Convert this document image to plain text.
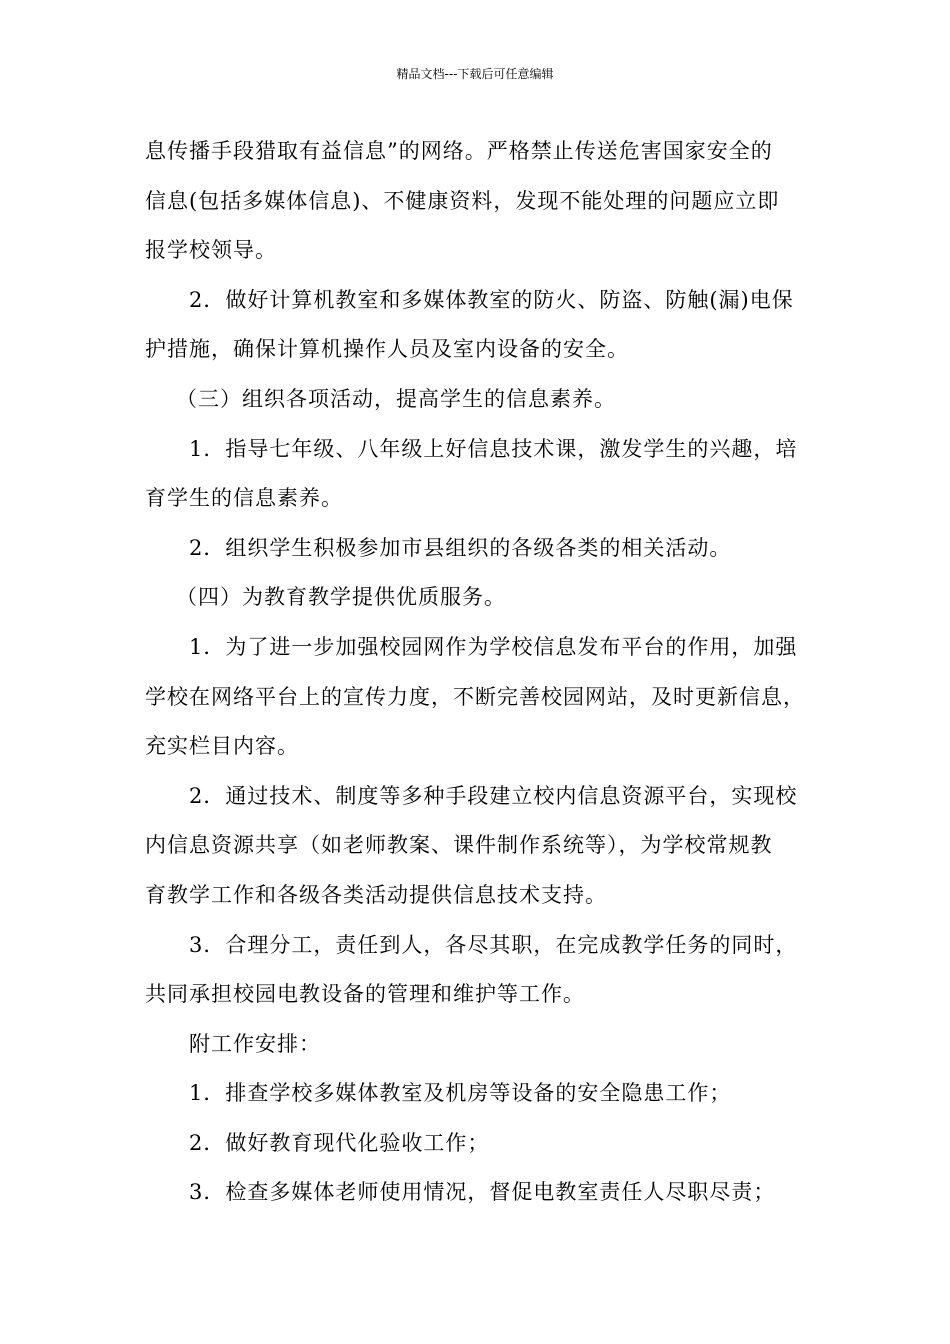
精品文档---下载后可任意编辑
息传播手段猎取有益信息”的网络。严格禁止传送危害国家安全的
信息(包括多媒体信息)、不健康资料，发现不能处理的问题应立即
报学校领导。
2．做好计算机教室和多媒体教室的防火、防盗、防触(漏)电保
护措施，确保计算机操作人员及室内设备的安全。
（三）组织各项活动，提高学生的信息素养。
1．指导七年级、八年级上好信息技术课，激发学生的兴趣，培
育学生的信息素养。
2．组织学生积极参加市县组织的各级各类的相关活动。
（四）为教育教学提供优质服务。
1．为了进一步加强校园网作为学校信息发布平台的作用，加强
学校在网络平台上的宣传力度，不断完善校园网站，及时更新信息，
充实栏目内容。
2．通过技术、制度等多种手段建立校内信息资源平台，实现校
内信息资源共享（如老师教案、课件制作系统等），为学校常规教
育教学工作和各级各类活动提供信息技术支持。
3．合理分工，责任到人，各尽其职，在完成教学任务的同时，
共同承担校园电教设备的管理和维护等工作。
附工作安排：
1．排查学校多媒体教室及机房等设备的安全隐患工作；
2．做好教育现代化验收工作；
3．检查多媒体老师使用情况，督促电教室责任人尽职尽责；
